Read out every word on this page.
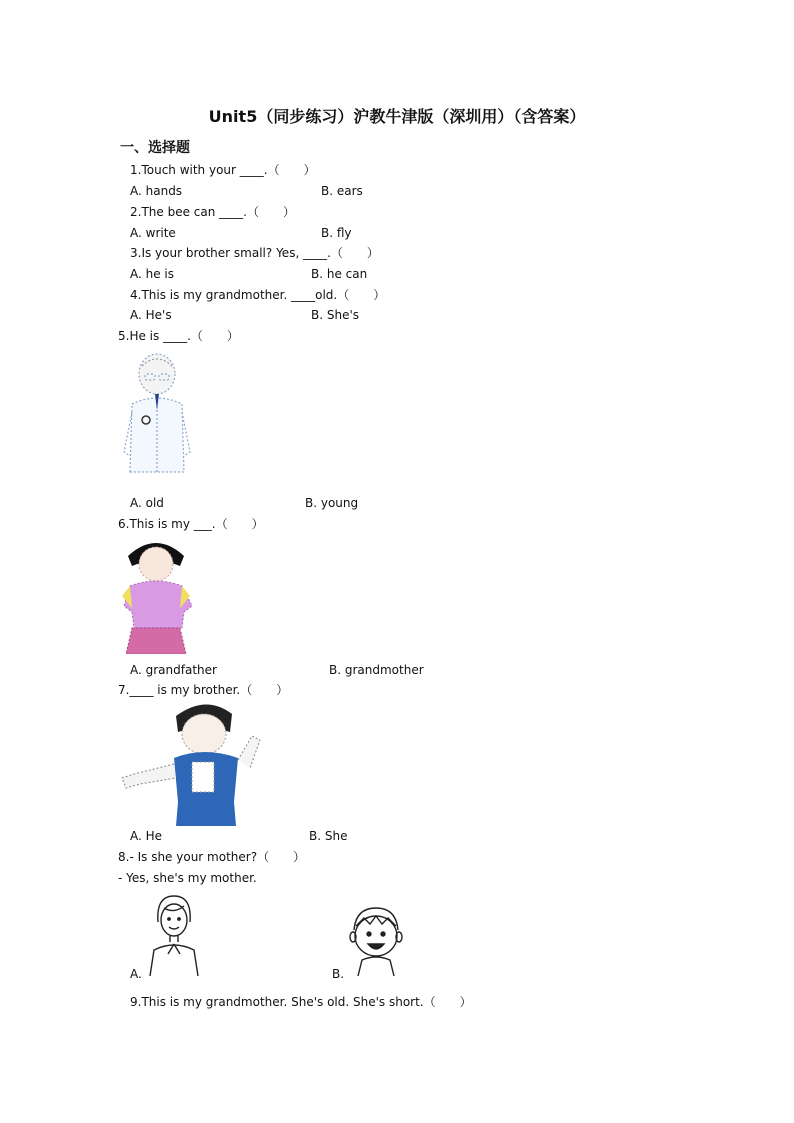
Unit5（同步练习）沪教牛津版（深圳用）（含答案）
一、选择题
1.Touch with your ____.（　　）
A. hands	B. ears
2.The bee can ____.（　　）
A. write	B. fly
3.Is your brother small? Yes, ____.（　　）
A. he is	B. he can
4.This is my grandmother. ____old.（　　）
A. He's	B. She's
5.He is ____.（　　）
A. old	B. young
6.This is my ___.（　　）
A. grandfather	B. grandmother
7.____ is my brother.（　　）
A. He	B. She
8.- Is she your mother?（　　）
- Yes, she's my mother.
A.	B.
9.This is my grandmother. She's old. She's short.（　　）
